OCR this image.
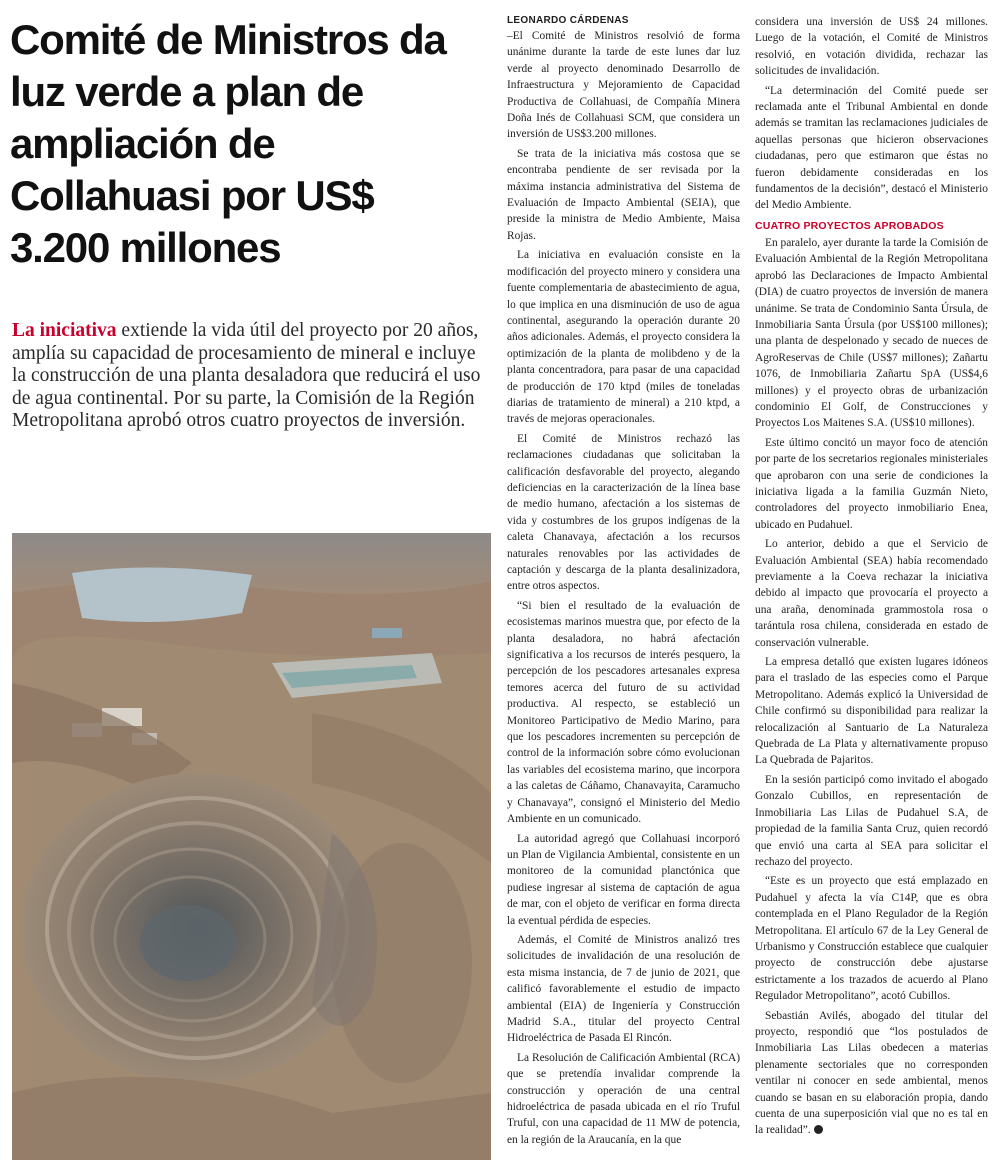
Comité de Ministros da luz verde a plan de ampliación de Collahuasi por US$ 3.200 millones

La iniciativa extiende la vida útil del proyecto por 20 años, amplía su capacidad de procesamiento de mineral e incluye la construcción de una planta desaladora que reducirá el uso de agua continental. Por su parte, la Comisión de la Región Metropolitana aprobó otros cuatro proyectos de inversión.

LEONARDO CÁRDENAS

–El Comité de Ministros resolvió de forma unánime durante la tarde de este lunes dar luz verde al proyecto denominado Desarrollo de Infraestructura y Mejoramiento de Capacidad Productiva de Collahuasi, de Compañía Minera Doña Inés de Collahuasi SCM, que considera un inversión de US$3.200 millones.

Se trata de la iniciativa más costosa que se encontraba pendiente de ser revisada por la máxima instancia administrativa del Sistema de Evaluación de Impacto Ambiental (SEIA), que preside la ministra de Medio Ambiente, Maisa Rojas.

La iniciativa en evaluación consiste en la modificación del proyecto minero y considera una fuente complementaria de abastecimiento de agua, lo que implica en una disminución de uso de agua continental, asegurando la operación durante 20 años adicionales. Además, el proyecto considera la optimización de la planta de molibdeno y de la planta concentradora, para pasar de una capacidad de producción de 170 ktpd (miles de toneladas diarias de tratamiento de mineral) a 210 ktpd, a través de mejoras operacionales.

El Comité de Ministros rechazó las reclamaciones ciudadanas que solicitaban la calificación desfavorable del proyecto, alegando deficiencias en la caracterización de la línea base de medio humano, afectación a los sistemas de vida y costumbres de los grupos indígenas de la caleta Chanavaya, afectación a los recursos naturales renovables por las actividades de captación y descarga de la planta desalinizadora, entre otros aspectos.

“Si bien el resultado de la evaluación de ecosistemas marinos muestra que, por efecto de la planta desaladora, no habrá afectación significativa a los recursos de interés pesquero, la percepción de los pescadores artesanales expresa temores acerca del futuro de su actividad productiva. Al respecto, se estableció un Monitoreo Participativo de Medio Marino, para que los pescadores incrementen su percepción de control de la información sobre cómo evolucionan las variables del ecosistema marino, que incorpora a las caletas de Cáñamo, Chanavayita, Caramucho y Chanavaya”, consignó el Ministerio del Medio Ambiente en un comunicado.

La autoridad agregó que Collahuasi incorporó un Plan de Vigilancia Ambiental, consistente en un monitoreo de la comunidad planctónica que pudiese ingresar al sistema de captación de agua de mar, con el objeto de verificar en forma directa la eventual pérdida de especies.

Además, el Comité de Ministros analizó tres solicitudes de invalidación de una resolución de esta misma instancia, de 7 de junio de 2021, que calificó favorablemente el estudio de impacto ambiental (EIA) de Ingeniería y Construcción Madrid S.A., titular del proyecto Central Hidroeléctrica de Pasada El Rincón.

La Resolución de Calificación Ambiental (RCA) que se pretendía invalidar comprende la construcción y operación de una central hidroeléctrica de pasada ubicada en el río Truful Truful, con una capacidad de 11 MW de potencia, en la región de la Araucanía, en la que

considera una inversión de US$ 24 millones. Luego de la votación, el Comité de Ministros resolvió, en votación dividida, rechazar las solicitudes de invalidación.

“La determinación del Comité puede ser reclamada ante el Tribunal Ambiental en donde además se tramitan las reclamaciones judiciales de aquellas personas que hicieron observaciones ciudadanas, pero que estimaron que éstas no fueron debidamente consideradas en los fundamentos de la decisión”, destacó el Ministerio del Medio Ambiente.

CUATRO PROYECTOS APROBADOS

En paralelo, ayer durante la tarde la Comisión de Evaluación Ambiental de la Región Metropolitana aprobó las Declaraciones de Impacto Ambiental (DIA) de cuatro proyectos de inversión de manera unánime. Se trata de Condominio Santa Úrsula, de Inmobiliaria Santa Úrsula (por US$100 millones); una planta de despelonado y secado de nueces de AgroReservas de Chile (US$7 millones); Zañartu 1076, de Inmobiliaria Zañartu SpA (US$4,6 millones) y el proyecto obras de urbanización condominio El Golf, de Construcciones y Proyectos Los Maitenes S.A. (US$10 millones).

Este último concitó un mayor foco de atención por parte de los secretarios regionales ministeriales que aprobaron con una serie de condiciones la iniciativa ligada a la familia Guzmán Nieto, controladores del proyecto inmobiliario Enea, ubicado en Pudahuel.

Lo anterior, debido a que el Servicio de Evaluación Ambiental (SEA) había recomendado previamente a la Coeva rechazar la iniciativa debido al impacto que provocaría el proyecto a una araña, denominada grammostola rosa o tarántula rosa chilena, considerada en estado de conservación vulnerable.

La empresa detalló que existen lugares idóneos para el traslado de las especies como el Parque Metropolitano. Además explicó la Universidad de Chile confirmó su disponibilidad para realizar la relocalización al Santuario de La Naturaleza Quebrada de La Plata y alternativamente propuso La Quebrada de Pajaritos.

En la sesión participó como invitado el abogado Gonzalo Cubillos, en representación de Inmobiliaria Las Lilas de Pudahuel S.A, de propiedad de la familia Santa Cruz, quien recordó que envió una carta al SEA para solicitar el rechazo del proyecto.

“Este es un proyecto que está emplazado en Pudahuel y afecta la vía C14P, que es obra contemplada en el Plano Regulador de la Región Metropolitana. El artículo 67 de la Ley General de Urbanismo y Construcción establece que cualquier proyecto de construcción debe ajustarse estrictamente a los trazados de acuerdo al Plano Regulador Metropolitano”, acotó Cubillos.

Sebastián Avilés, abogado del titular del proyecto, respondió que “los postulados de Inmobiliaria Las Lilas obedecen a materias plenamente sectoriales que no corresponden ventilar ni conocer en sede ambiental, menos cuando se basan en su elaboración propia, dando cuenta de una superposición vial que no es tal en la realidad”.
